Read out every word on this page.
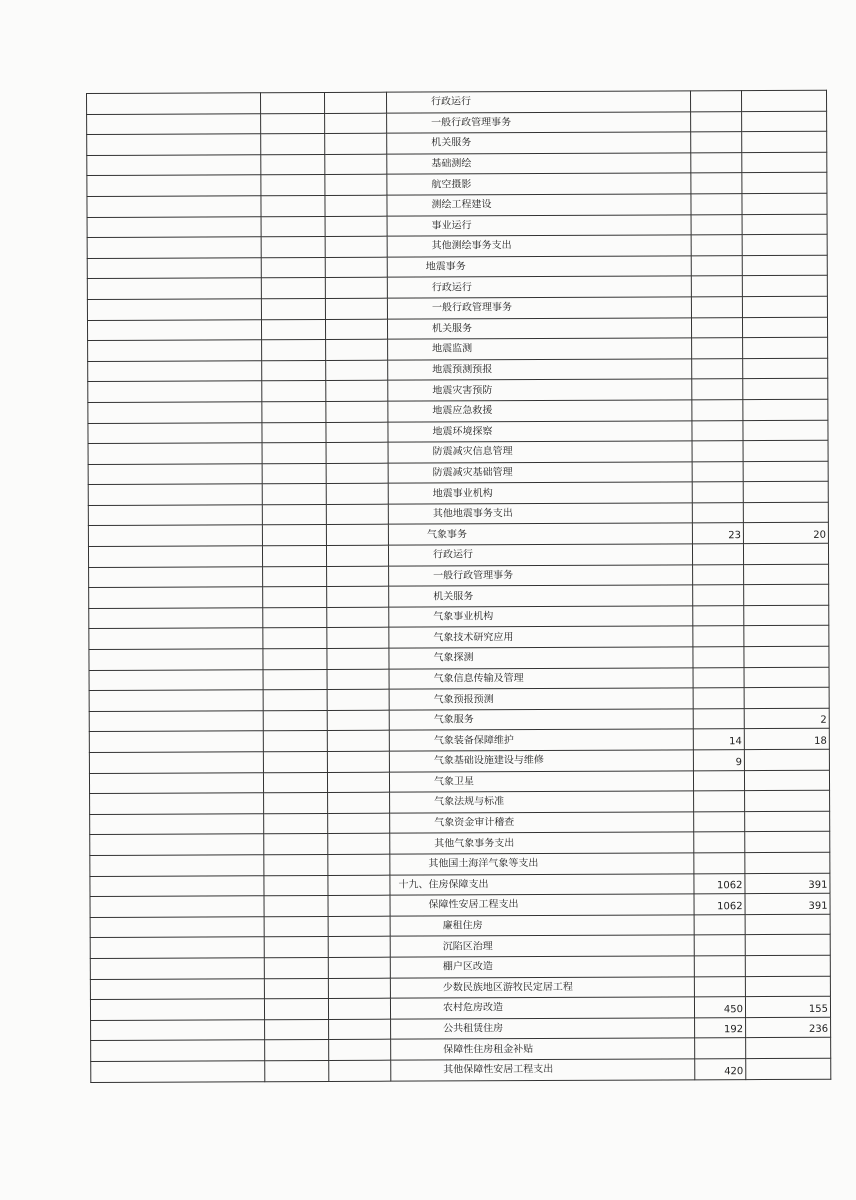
			行政运行		
			一般行政管理事务		
			机关服务		
			基础测绘		
			航空摄影		
			测绘工程建设		
			事业运行		
			其他测绘事务支出		
			地震事务		
			行政运行		
			一般行政管理事务		
			机关服务		
			地震监测		
			地震预测预报		
			地震灾害预防		
			地震应急救援		
			地震环境探察		
			防震减灾信息管理		
			防震减灾基础管理		
			地震事业机构		
			其他地震事务支出		
			气象事务	23	20
			行政运行		
			一般行政管理事务		
			机关服务		
			气象事业机构		
			气象技术研究应用		
			气象探测		
			气象信息传输及管理		
			气象预报预测		
			气象服务		2
			气象装备保障维护	14	18
			气象基础设施建设与维修	9	
			气象卫星		
			气象法规与标准		
			气象资金审计稽查		
			其他气象事务支出		
			其他国土海洋气象等支出		
			十九、住房保障支出	1062	391
			保障性安居工程支出	1062	391
			廉租住房		
			沉陷区治理		
			棚户区改造		
			少数民族地区游牧民定居工程		
			农村危房改造	450	155
			公共租赁住房	192	236
			保障性住房租金补贴		
			其他保障性安居工程支出	420	
